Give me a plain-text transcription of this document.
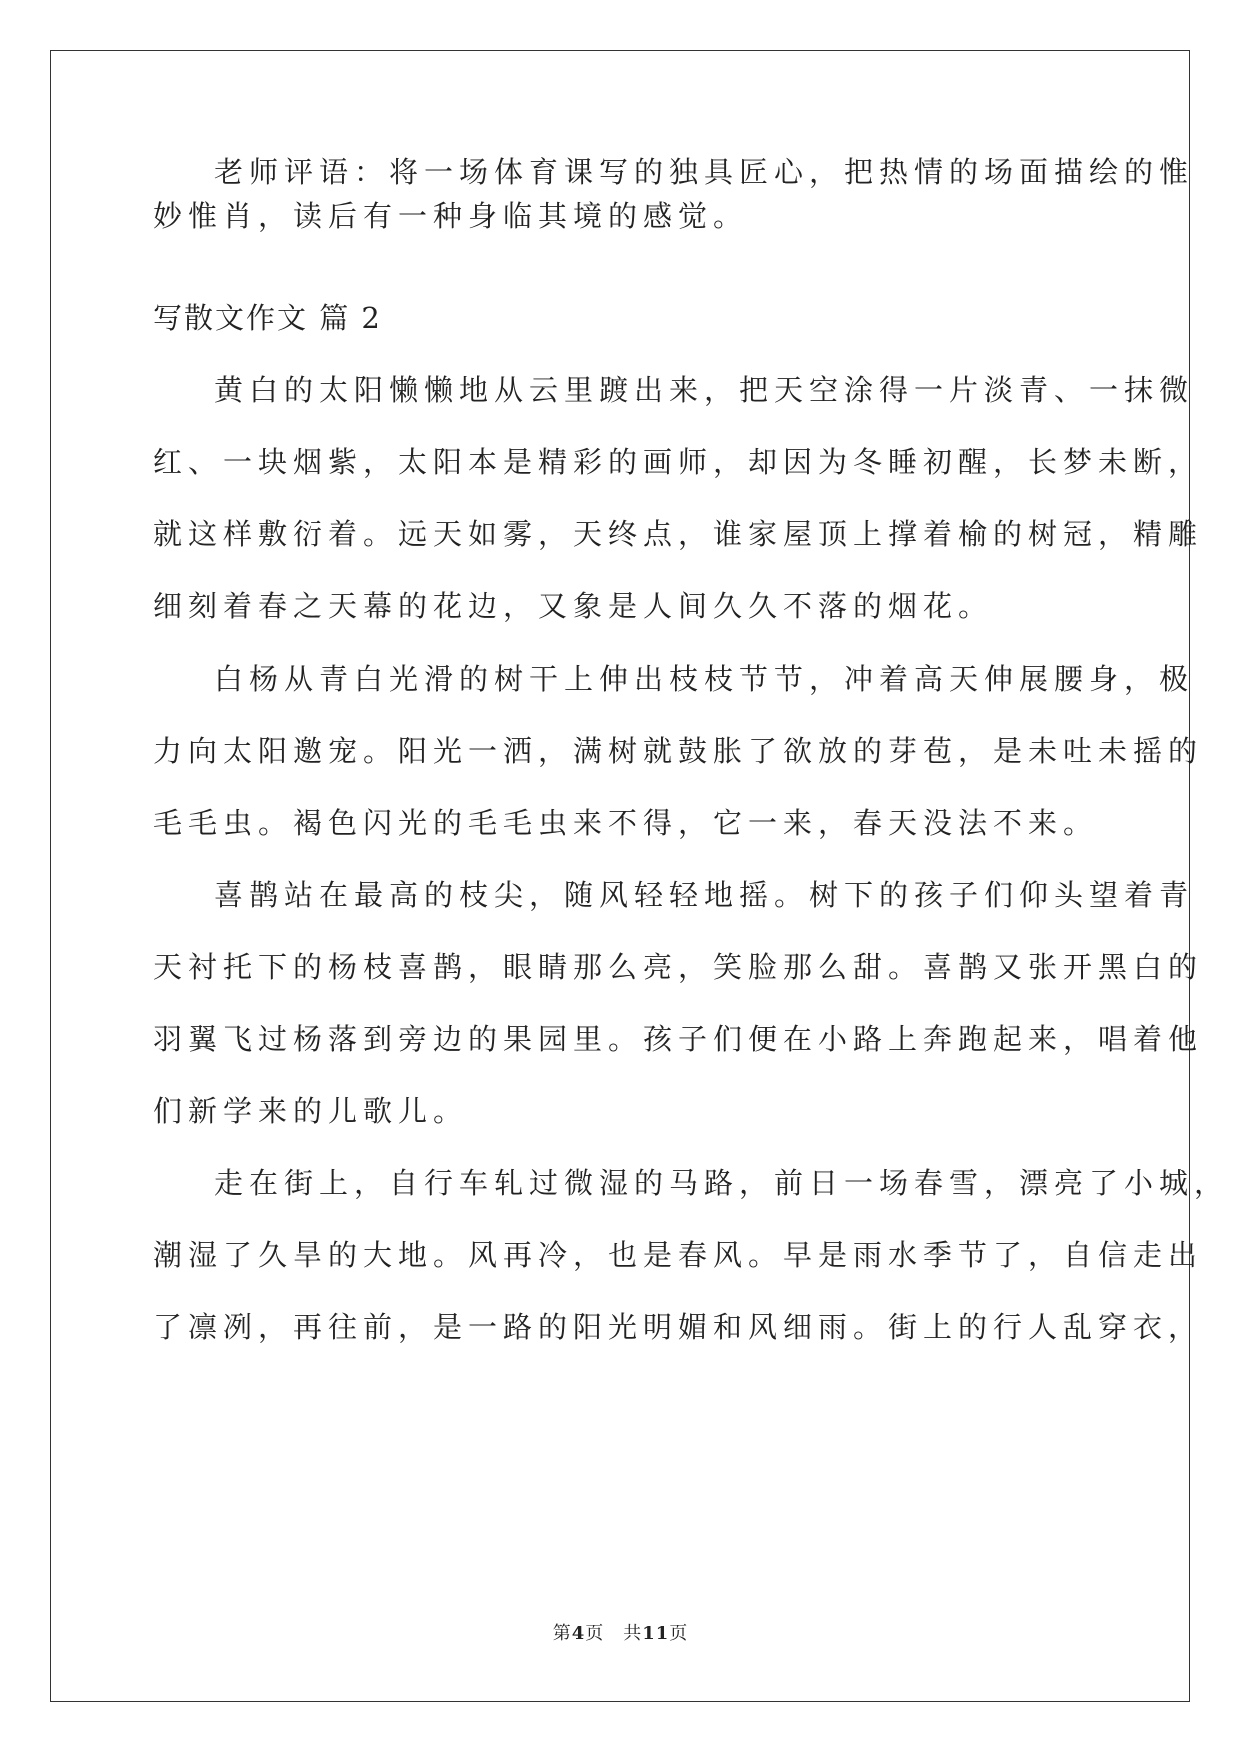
老师评语：将一场体育课写的独具匠心，把热情的场面描绘的惟
妙惟肖，读后有一种身临其境的感觉。
写散文作文 篇 2
黄白的太阳懒懒地从云里踱出来，把天空涂得一片淡青、一抹微
红、一块烟紫，太阳本是精彩的画师，却因为冬睡初醒，长梦未断，
就这样敷衍着。远天如雾，天终点，谁家屋顶上撑着榆的树冠，精雕
细刻着春之天幕的花边，又象是人间久久不落的烟花。
白杨从青白光滑的树干上伸出枝枝节节，冲着高天伸展腰身，极
力向太阳邀宠。阳光一洒，满树就鼓胀了欲放的芽苞，是未吐未摇的
毛毛虫。褐色闪光的毛毛虫来不得，它一来，春天没法不来。
喜鹊站在最高的枝尖，随风轻轻地摇。树下的孩子们仰头望着青
天衬托下的杨枝喜鹊，眼睛那么亮，笑脸那么甜。喜鹊又张开黑白的
羽翼飞过杨落到旁边的果园里。孩子们便在小路上奔跑起来，唱着他
们新学来的儿歌儿。
走在街上，自行车轧过微湿的马路，前日一场春雪，漂亮了小城，
潮湿了久旱的大地。风再冷，也是春风。早是雨水季节了，自信走出
了凛冽，再往前，是一路的阳光明媚和风细雨。街上的行人乱穿衣，
第4页　共11页
